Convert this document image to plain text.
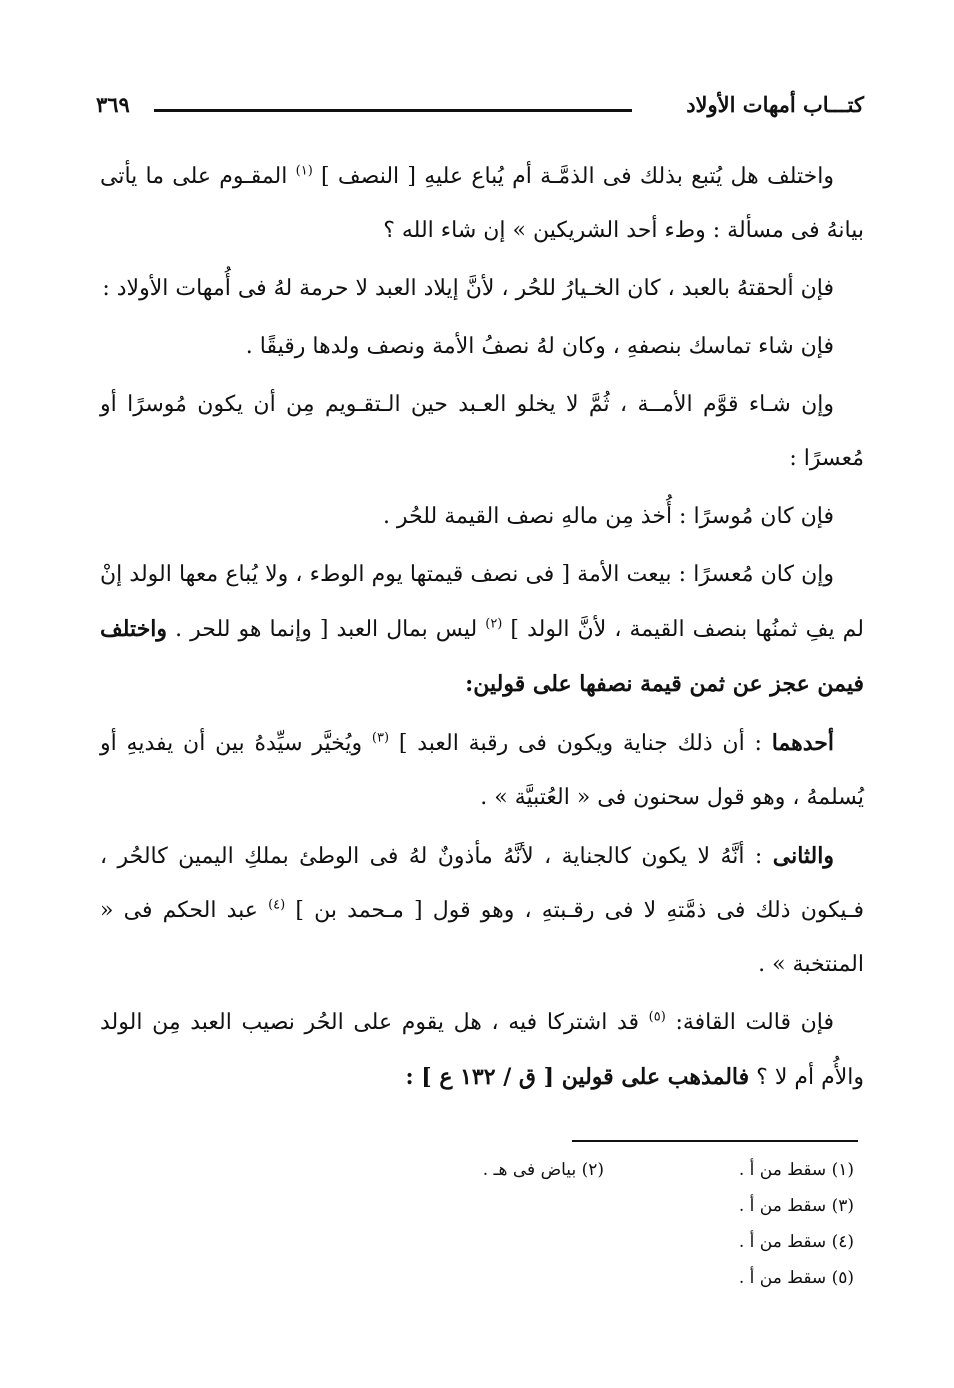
كتـــاب أمهات الأولاد
٣٦٩

واختلف هل يُتبع بذلك فى الذمَّـة أم يُباع عليهِ [ النصف ] $^{(١)}$ المقـوم على ما يأتى بيانهُ فى مسألة : وطء أحد الشريكين » إن شاء الله ؟

فإن ألحقتهُ بالعبد ، كان الخـيارُ للحُر ، لأنَّ إيلاد العبد لا حرمة لهُ فى أُمهات الأولاد :

فإن شاء تماسك بنصفهِ ، وكان لهُ نصفُ الأمة ونصف ولدها رقيقًا .

وإن شـاء قوَّم الأمــة ، ثُمَّ لا يخلو العـبد حين الـتقـويم مِن أن يكون مُوسرًا أو مُعسرًا :

فإن كان مُوسرًا : أُخذ مِن مالهِ نصف القيمة للحُر .

وإن كان مُعسرًا : بيعت الأمة [ فى نصف قيمتها يوم الوطء ، ولا يُباع معها الولد إنْ لم يفِ ثمنُها بنصف القيمة ، لأنَّ الولد ] $^{(٢)}$ ليس بمال العبد [ وإنما هو للحر . واختلف فيمن عجز عن ثمن قيمة نصفها على قولين:

أحدهما : أن ذلك جناية ويكون فى رقبة العبد ] $^{(٣)}$ ويُخيَّر سيِّدهُ بين أن يفديهِ أو يُسلمهُ ، وهو قول سحنون فى « العُتبيَّة » .

والثانى : أنَّهُ لا يكون كالجناية ، لأنَّهُ مأذونٌ لهُ فى الوطئ بملكِ اليمين كالحُر ، فـيكون ذلك فى ذمَّتهِ لا فى رقـبتهِ ، وهو قول [ مـحمد بن ] $^{(٤)}$ عبد الحكم فى « المنتخبة » .

فإن قالت القافة: $^{(٥)}$ قد اشتركا فيه ، هل يقوم على الحُر نصيب العبد مِن الولد والأُم أم لا ؟ فالمذهب على قولين [ ق / ١٣٢ ع ] :

(١) سقط من أ .
(٢) بياض فى هـ .
(٣) سقط من أ .
(٤) سقط من أ .
(٥) سقط من أ .
